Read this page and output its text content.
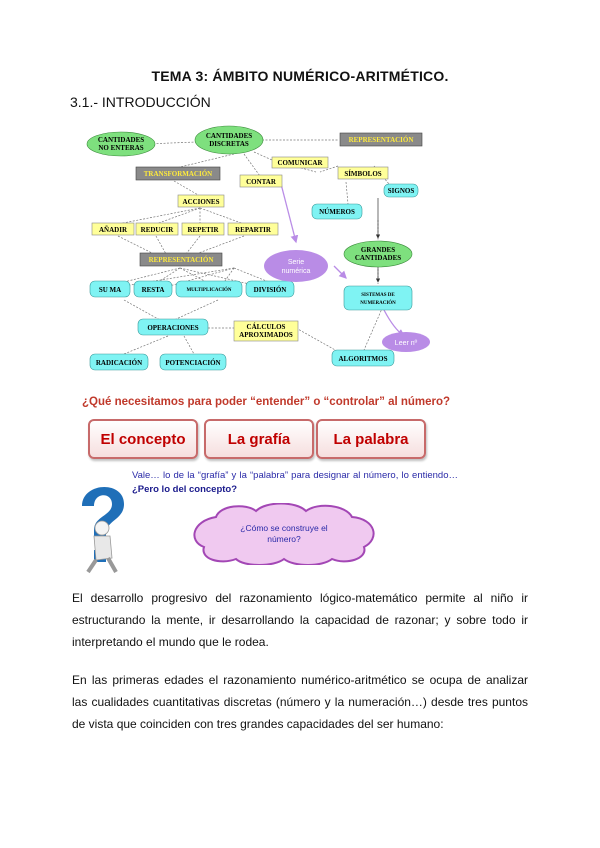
TEMA 3: ÁMBITO NUMÉRICO-ARITMÉTICO.
3.1.- INTRODUCCIÓN
CANTIDADES
NO ENTERAS
CANTIDADES
DISCRETAS
GRANDES
CANTIDADES
REPRESENTACIÓN
TRANSFORMACIÓN
REPRESENTACIÓN
COMUNICAR
CONTAR
SÍMBOLOS
ACCIONES
AÑADIR REDUCIR REPETIR REPARTIR
CÁLCULOS
APROXIMADOS
SIGNOS
NÚMEROS
SU MA	RESTA	MULTIPLICACIÓN	DIVISIÓN
SISTEMAS DE
NUMERACIÓN
OPERACIONES
RADICACIÓN	POTENCIACIÓN	ALGORITMOS
Serie
numérica
Leer nº
¿Qué necesitamos para poder “entender” o “controlar” al número?
El concepto	La grafía	La palabra
Vale… lo de la “grafía” y la “palabra” para designar al número, lo entiendo… ¿Pero lo del concepto?
¿Cómo se construye el
número?
El desarrollo progresivo del razonamiento lógico-matemático permite al niño ir estructurando la mente, ir desarrollando la capacidad de razonar; y sobre todo ir interpretando el mundo que le rodea.
En las primeras edades el razonamiento numérico-aritmético se ocupa de analizar las cualidades cuantitativas discretas (número y la numeración…) desde tres puntos de vista que coinciden con tres grandes capacidades del ser humano:
